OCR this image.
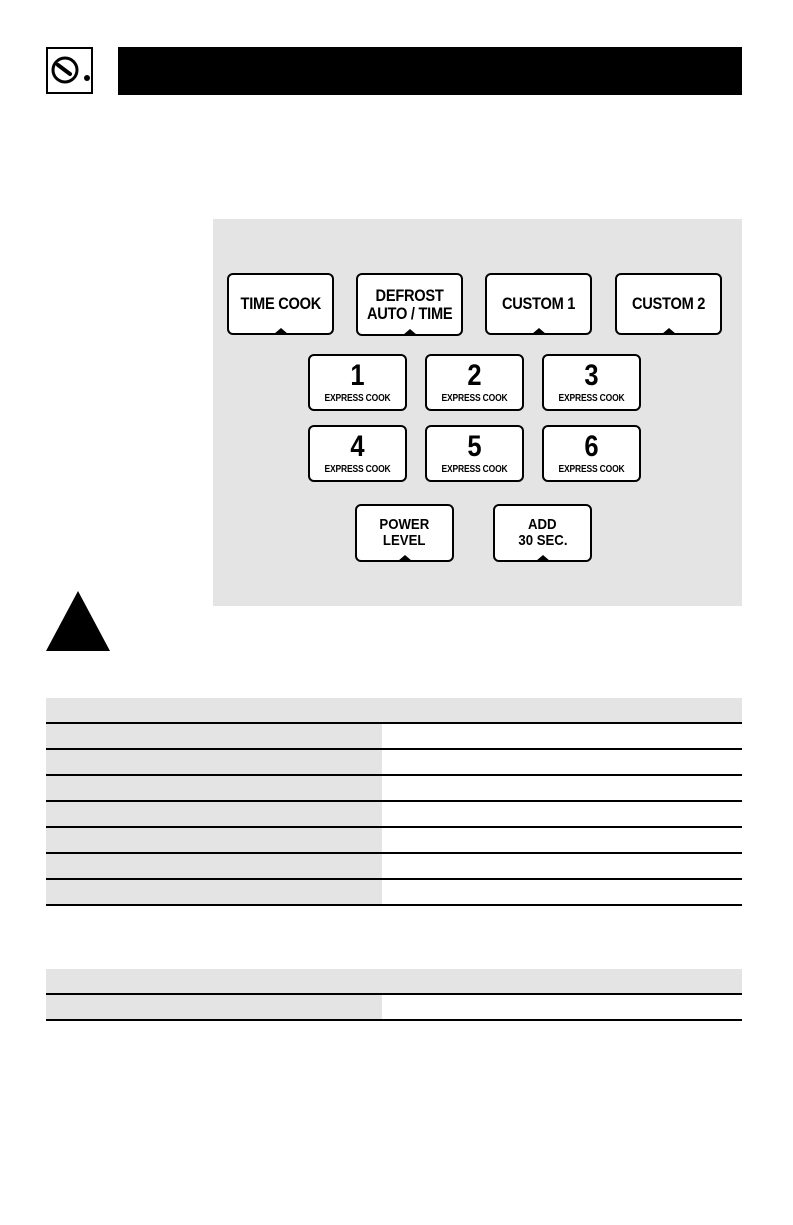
TIME COOK	DEFROST
AUTO / TIME	CUSTOM 1	CUSTOM 2
1
EXPRESS COOK
2
EXPRESS COOK
3
EXPRESS COOK
4
EXPRESS COOK
5
EXPRESS COOK
6
EXPRESS COOK
POWER
LEVEL
ADD
30 SEC.
